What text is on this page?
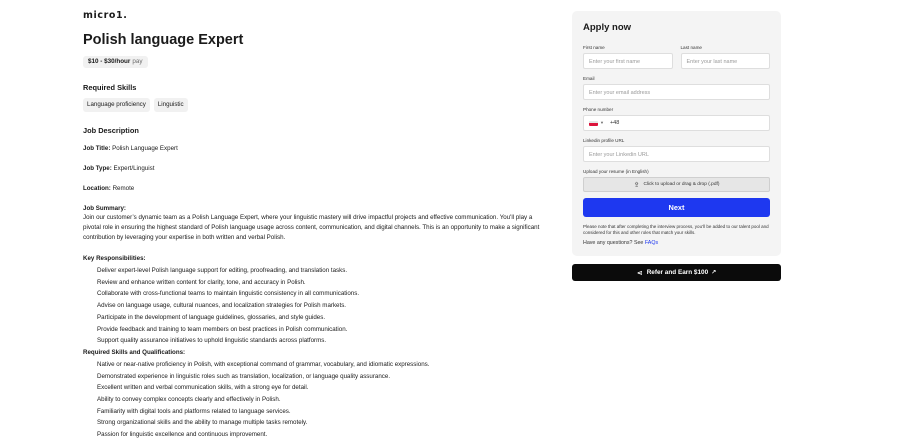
micro1.
Polish language Expert
$10 - $30/hour pay
Required Skills
Language proficiency	Linguistic
Job Description
Job Title: Polish Language Expert
Job Type: Expert/Linguist
Location: Remote
Job Summary:
Join our customer’s dynamic team as a Polish Language Expert, where your linguistic mastery will drive impactful projects and effective communication. You'll play a pivotal role in ensuring the highest standard of Polish language usage across content, communication, and digital channels. This is an opportunity to make a significant contribution by leveraging your expertise in both written and verbal Polish.
Key Responsibilities:
Deliver expert-level Polish language support for editing, proofreading, and translation tasks.
Review and enhance written content for clarity, tone, and accuracy in Polish.
Collaborate with cross-functional teams to maintain linguistic consistency in all communications.
Advise on language usage, cultural nuances, and localization strategies for Polish markets.
Participate in the development of language guidelines, glossaries, and style guides.
Provide feedback and training to team members on best practices in Polish communication.
Support quality assurance initiatives to uphold linguistic standards across platforms.
Required Skills and Qualifications:
Native or near-native proficiency in Polish, with exceptional command of grammar, vocabulary, and idiomatic expressions.
Demonstrated experience in linguistic roles such as translation, localization, or language quality assurance.
Excellent written and verbal communication skills, with a strong eye for detail.
Ability to convey complex concepts clearly and effectively in Polish.
Familiarity with digital tools and platforms related to language services.
Strong organizational skills and the ability to manage multiple tasks remotely.
Passion for linguistic excellence and continuous improvement.
Apply now
First name
Enter your first name
Last name
Enter your last name
Email
Enter your email address
Phone number
▼ +48
Linkedin profile URL
Enter your Linkedin URL
Upload your resume (in English)
⇪ Click to upload or drag & drop (.pdf)
Next
Please note that after completing the interview process, you’ll be added to our talent pool and considered for this and other roles that match your skills.
Have any questions? See FAQs
⋖ Refer and Earn $100 ↗
